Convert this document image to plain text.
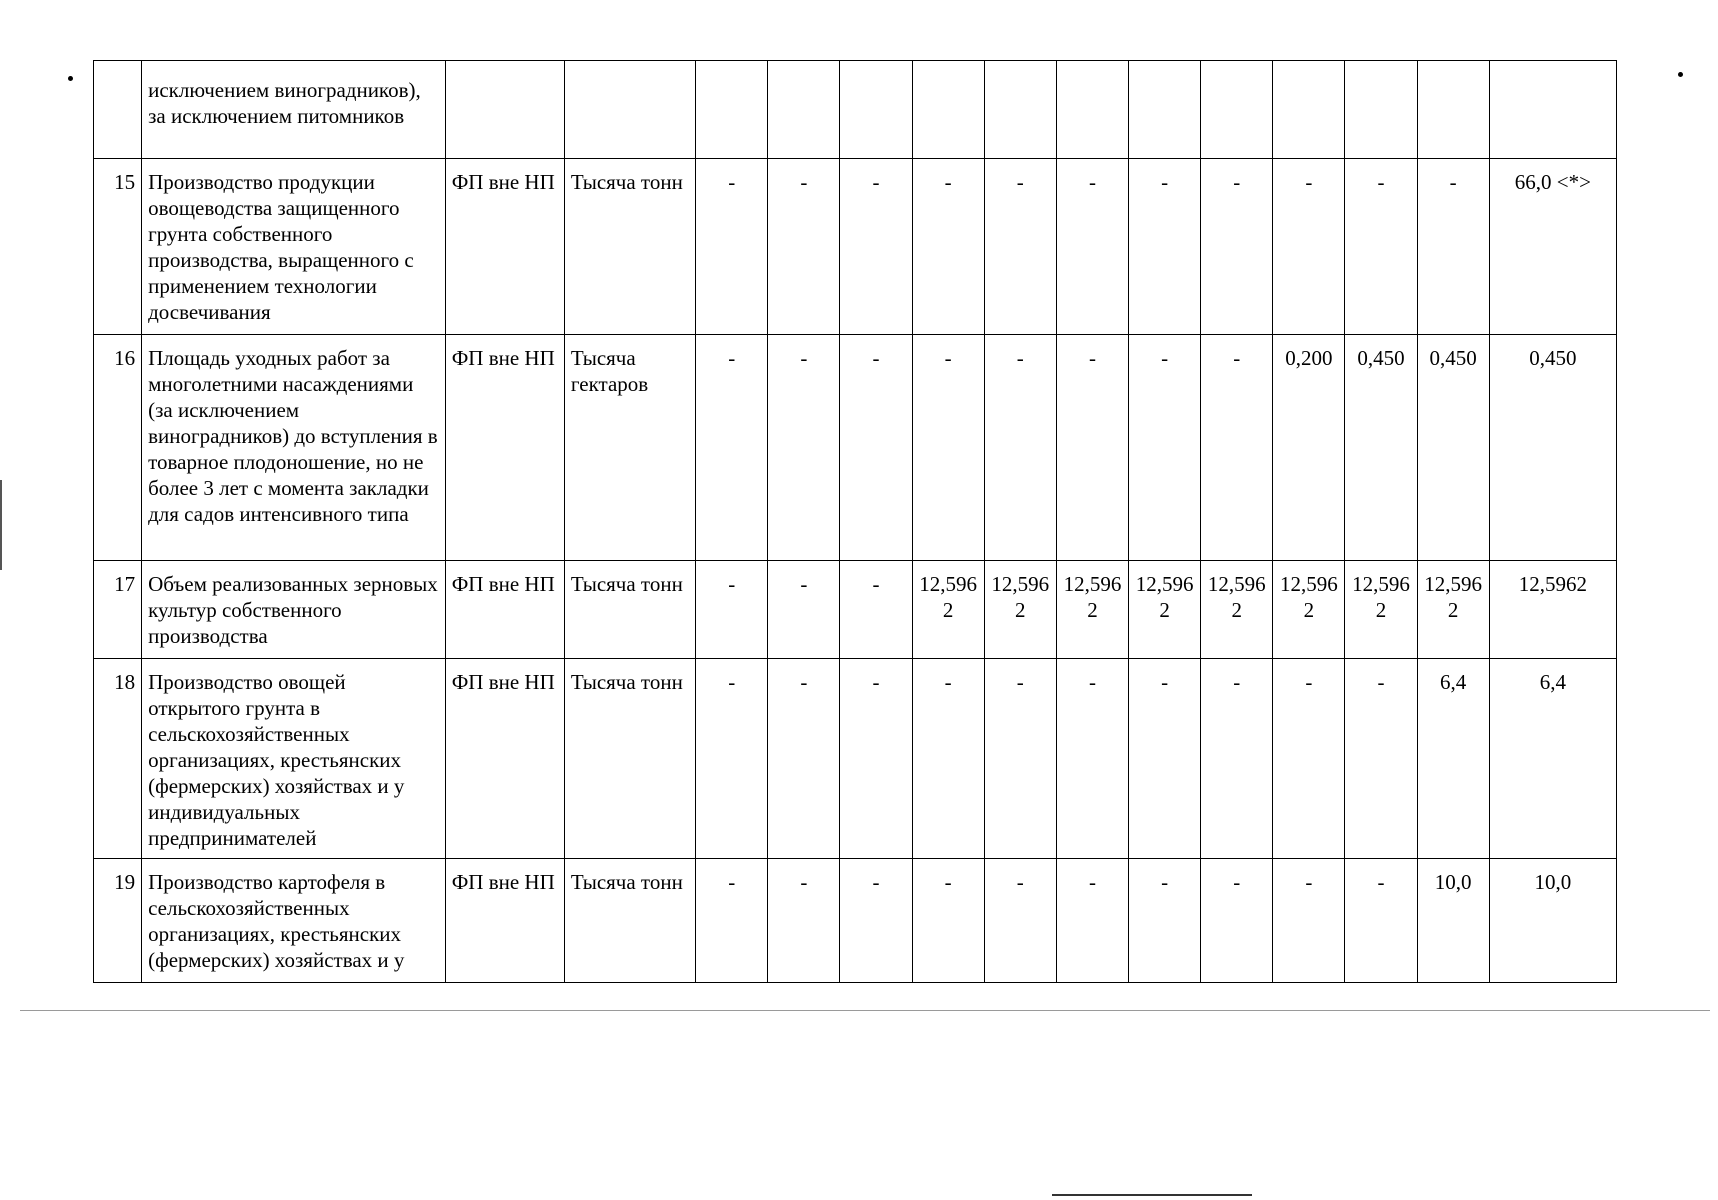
	исключением виноградников), за исключением питомников														
15	Производство продукции овощеводства защищенного грунта собственного производства, выращенного с применением технологии досвечивания	ФП вне НП	Тысяча тонн	-	-	-	-	-	-	-	-	-	-	-	66,0 <*>
16	Площадь уходных работ за многолетними насаждениями (за исключением виноградников) до вступления в товарное плодоношение, но не более 3 лет с момента закладки для садов интенсивного типа	ФП вне НП	Тысяча гектаров	-	-	-	-	-	-	-	-	0,200	0,450	0,450	0,450
17	Объем реализованных зерновых культур собственного производства	ФП вне НП	Тысяча тонн	-	-	-	12,5962	12,5962	12,5962	12,5962	12,5962	12,5962	12,5962	12,5962	12,5962
18	Производство овощей открытого грунта в сельскохозяйственных организациях, крестьянских (фермерских) хозяйствах и у индивидуальных предпринимателей	ФП вне НП	Тысяча тонн	-	-	-	-	-	-	-	-	-	-	6,4	6,4
19	Производство картофеля в сельскохозяйственных организациях, крестьянских (фермерских) хозяйствах и у	ФП вне НП	Тысяча тонн	-	-	-	-	-	-	-	-	-	-	10,0	10,0
